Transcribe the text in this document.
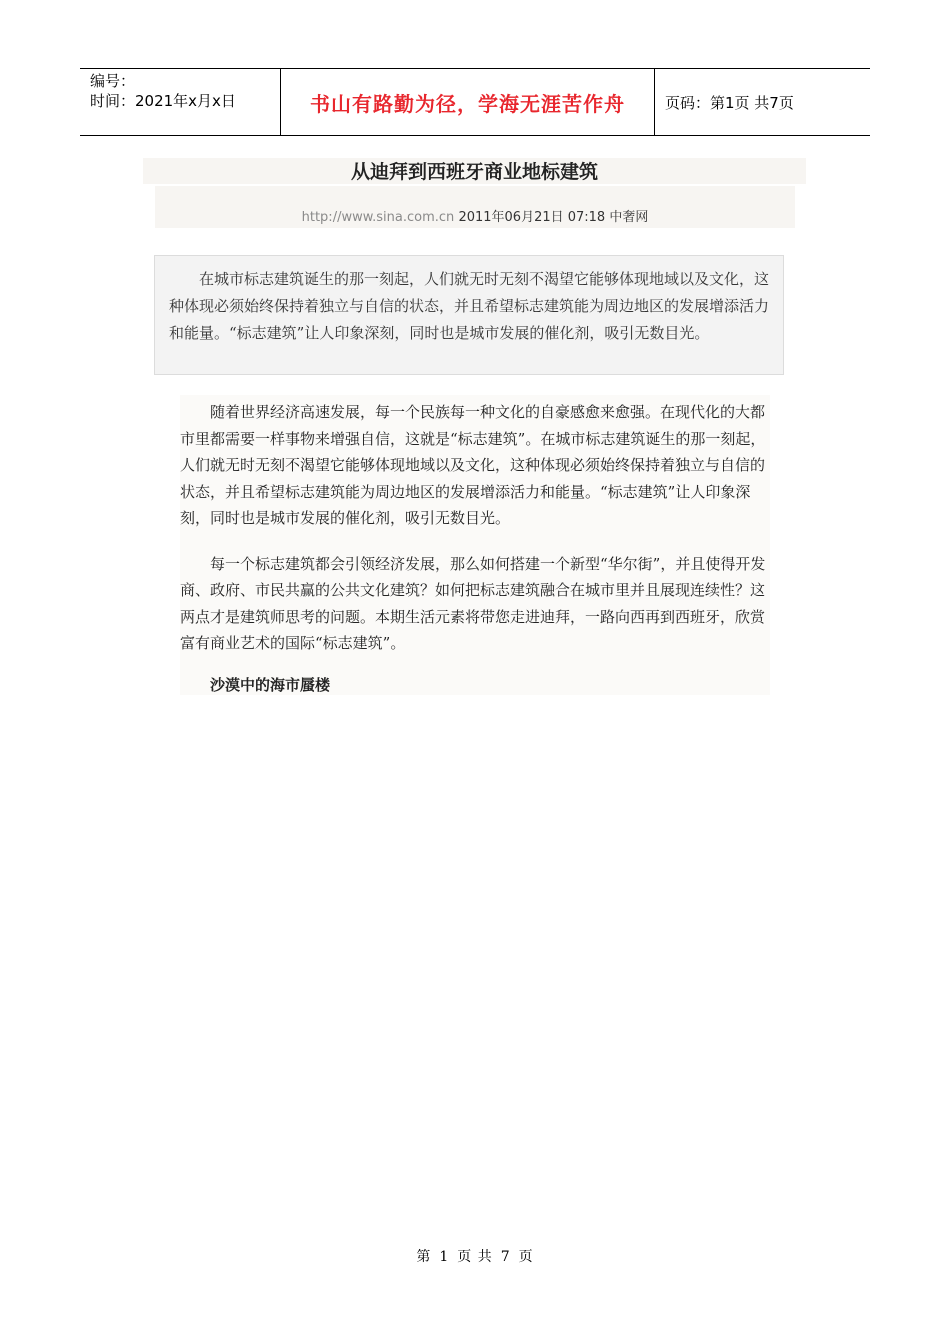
编号：
时间：2021年x月x日	书山有路勤为径，学海无涯苦作舟	页码：第1页 共7页
从迪拜到西班牙商业地标建筑
http://www.sina.com.cn 2011年06月21日 07:18 中奢网
在城市标志建筑诞生的那一刻起，人们就无时无刻不渴望它能够体现地域以及文化，这种体现必须始终保持着独立与自信的状态，并且希望标志建筑能为周边地区的发展增添活力和能量。“标志建筑”让人印象深刻，同时也是城市发展的催化剂，吸引无数目光。

随着世界经济高速发展，每一个民族每一种文化的自豪感愈来愈强。在现代化的大都市里都需要一样事物来增强自信，这就是“标志建筑”。在城市标志建筑诞生的那一刻起，人们就无时无刻不渴望它能够体现地域以及文化，这种体现必须始终保持着独立与自信的状态，并且希望标志建筑能为周边地区的发展增添活力和能量。“标志建筑”让人印象深刻，同时也是城市发展的催化剂，吸引无数目光。

每一个标志建筑都会引领经济发展，那么如何搭建一个新型“华尔街”，并且使得开发商、政府、市民共赢的公共文化建筑？如何把标志建筑融合在城市里并且展现连续性？这两点才是建筑师思考的问题。本期生活元素将带您走进迪拜，一路向西再到西班牙，欣赏富有商业艺术的国际“标志建筑”。

沙漠中的海市蜃楼

第 1 页 共 7 页
